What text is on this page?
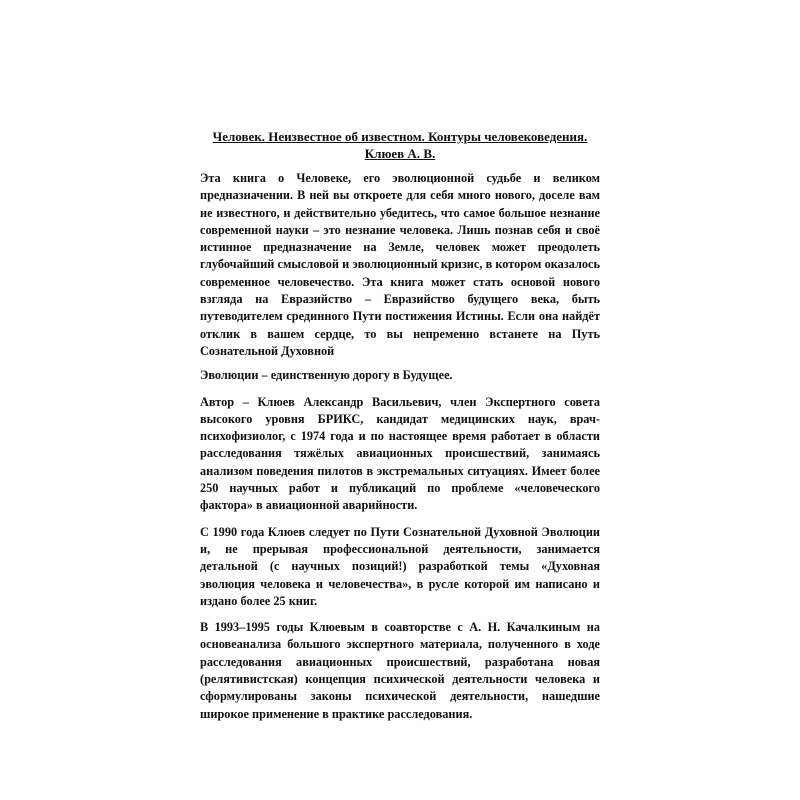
Человек. Неизвестное об известном. Контуры человековедения. Клюев А. В.

Эта книга о Человеке, его эволюционной судьбе и великом предназначении. В ней вы откроете для себя много нового, доселе вам не известного, и действительно убедитесь, что самое большое незнание современной науки – это незнание человека. Лишь познав себя и своё истинное предназначение на Земле, человек может преодолеть глубочайший смысловой и эволюционный кризис, в котором оказалось современное человечество. Эта книга может стать основой нового взгляда на Евразийство – Евразийство будущего века, быть путеводителем срединного Пути постижения Истины. Если она найдёт отклик в вашем сердце, то вы непременно встанете на Путь Сознательной Духовной

Эволюции – единственную дорогу в Будущее.

Автор – Клюев Александр Васильевич, член Экспертного совета высокого уровня БРИКС, кандидат медицинских наук, врач-психофизиолог, с 1974 года и по настоящее время работает в области расследования тяжёлых авиационных происшествий, занимаясь анализом поведения пилотов в экстремальных ситуациях. Имеет более 250 научных работ и публикаций по проблеме «человеческого фактора» в авиационной аварийности.

С 1990 года Клюев следует по Пути Сознательной Духовной Эволюции и, не прерывая профессиональной деятельности, занимается детальной (с научных позиций!) разработкой темы «Духовная эволюция человека и человечества», в русле которой им написано и издано более 25 книг.

В 1993–1995 годы Клюевым в соавторстве с А. Н. Качалкиным на основеанализа большого экспертного материала, полученного в ходе расследования авиационных происшествий, разработана новая (релятивистская) концепция психической деятельности человека и сформулированы законы психической деятельности, нашедшие широкое применение в практике расследования.
